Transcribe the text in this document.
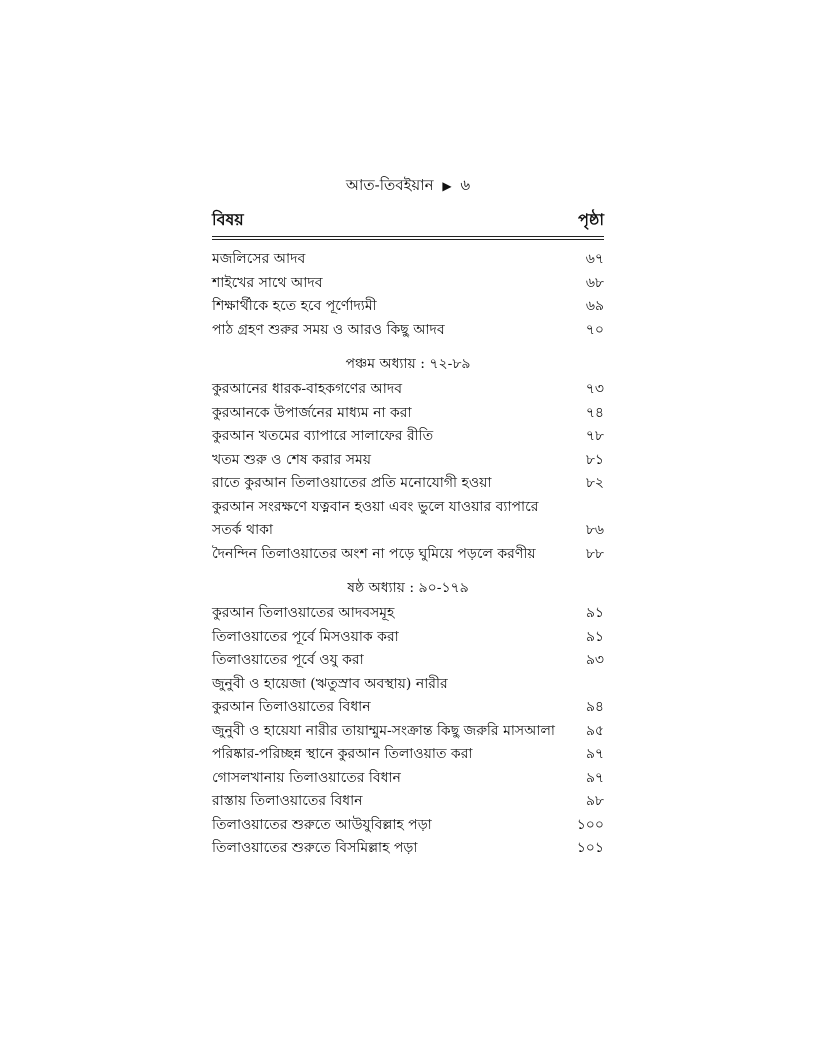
আত-তিবইয়ান ▶ ৬
বিষয়	পৃষ্ঠা
মজলিসের আদব	৬৭
শাইখের সাথে আদব	৬৮
শিক্ষার্থীকে হতে হবে পূর্ণোদ্যমী	৬৯
পাঠ গ্রহণ শুরুর সময় ও আরও কিছু আদব	৭০
পঞ্চম অধ্যায় : ৭২-৮৯
কুরআনের ধারক-বাহকগণের আদব	৭৩
কুরআনকে উপার্জনের মাধ্যম না করা	৭৪
কুরআন খতমের ব্যাপারে সালাফের রীতি	৭৮
খতম শুরু ও শেষ করার সময়	৮১
রাতে কুরআন তিলাওয়াতের প্রতি মনোযোগী হওয়া	৮২
কুরআন সংরক্ষণে যত্নবান হওয়া এবং ভুলে যাওয়ার ব্যাপারে
সতর্ক থাকা	৮৬
দৈনন্দিন তিলাওয়াতের অংশ না পড়ে ঘুমিয়ে পড়লে করণীয়	৮৮
ষষ্ঠ অধ্যায় : ৯০-১৭৯
কুরআন তিলাওয়াতের আদবসমূহ	৯১
তিলাওয়াতের পূর্বে মিসওয়াক করা	৯১
তিলাওয়াতের পূর্বে ওযু করা	৯৩
জুনুবী ও হায়েজা (ঋতুস্রাব অবস্থায়) নারীর
কুরআন তিলাওয়াতের বিধান	৯৪
জুনুবী ও হায়েযা নারীর তায়াম্মুম-সংক্রান্ত কিছু জরুরি মাসআলা	৯৫
পরিষ্কার-পরিচ্ছন্ন স্থানে কুরআন তিলাওয়াত করা	৯৭
গোসলখানায় তিলাওয়াতের বিধান	৯৭
রাস্তায় তিলাওয়াতের বিধান	৯৮
তিলাওয়াতের শুরুতে আউযুবিল্লাহ পড়া	১০০
তিলাওয়াতের শুরুতে বিসমিল্লাহ পড়া	১০১
